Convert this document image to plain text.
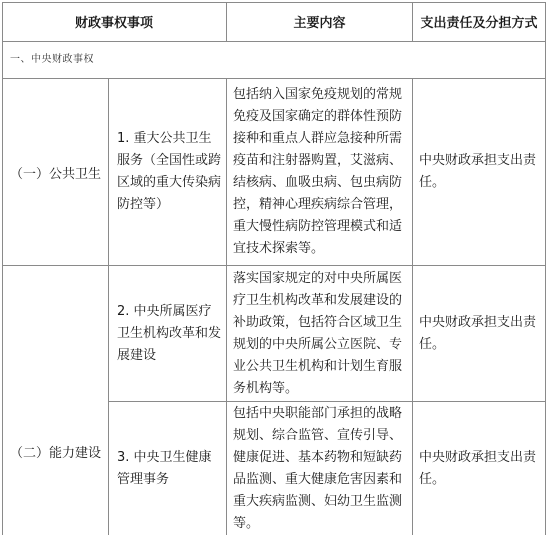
财政事权事项	主要内容	支出责任及分担方式
一、中央财政事权
（一）公共卫生
1. 重大公共卫生服务（全国性或跨区域的重大传染病防控等）
包括纳入国家免疫规划的常规免疫及国家确定的群体性预防接种和重点人群应急接种所需疫苗和注射器购置，艾滋病、结核病、血吸虫病、包虫病防控，精神心理疾病综合管理，重大慢性病防控管理模式和适宜技术探索等。
中央财政承担支出责任。
（二）能力建设
2. 中央所属医疗卫生机构改革和发展建设
落实国家规定的对中央所属医疗卫生机构改革和发展建设的补助政策，包括符合区域卫生规划的中央所属公立医院、专业公共卫生机构和计划生育服务机构等。
中央财政承担支出责任。
3. 中央卫生健康管理事务
包括中央职能部门承担的战略规划、综合监管、宣传引导、健康促进、基本药物和短缺药品监测、重大健康危害因素和重大疾病监测、妇幼卫生监测等。
中央财政承担支出责任。
